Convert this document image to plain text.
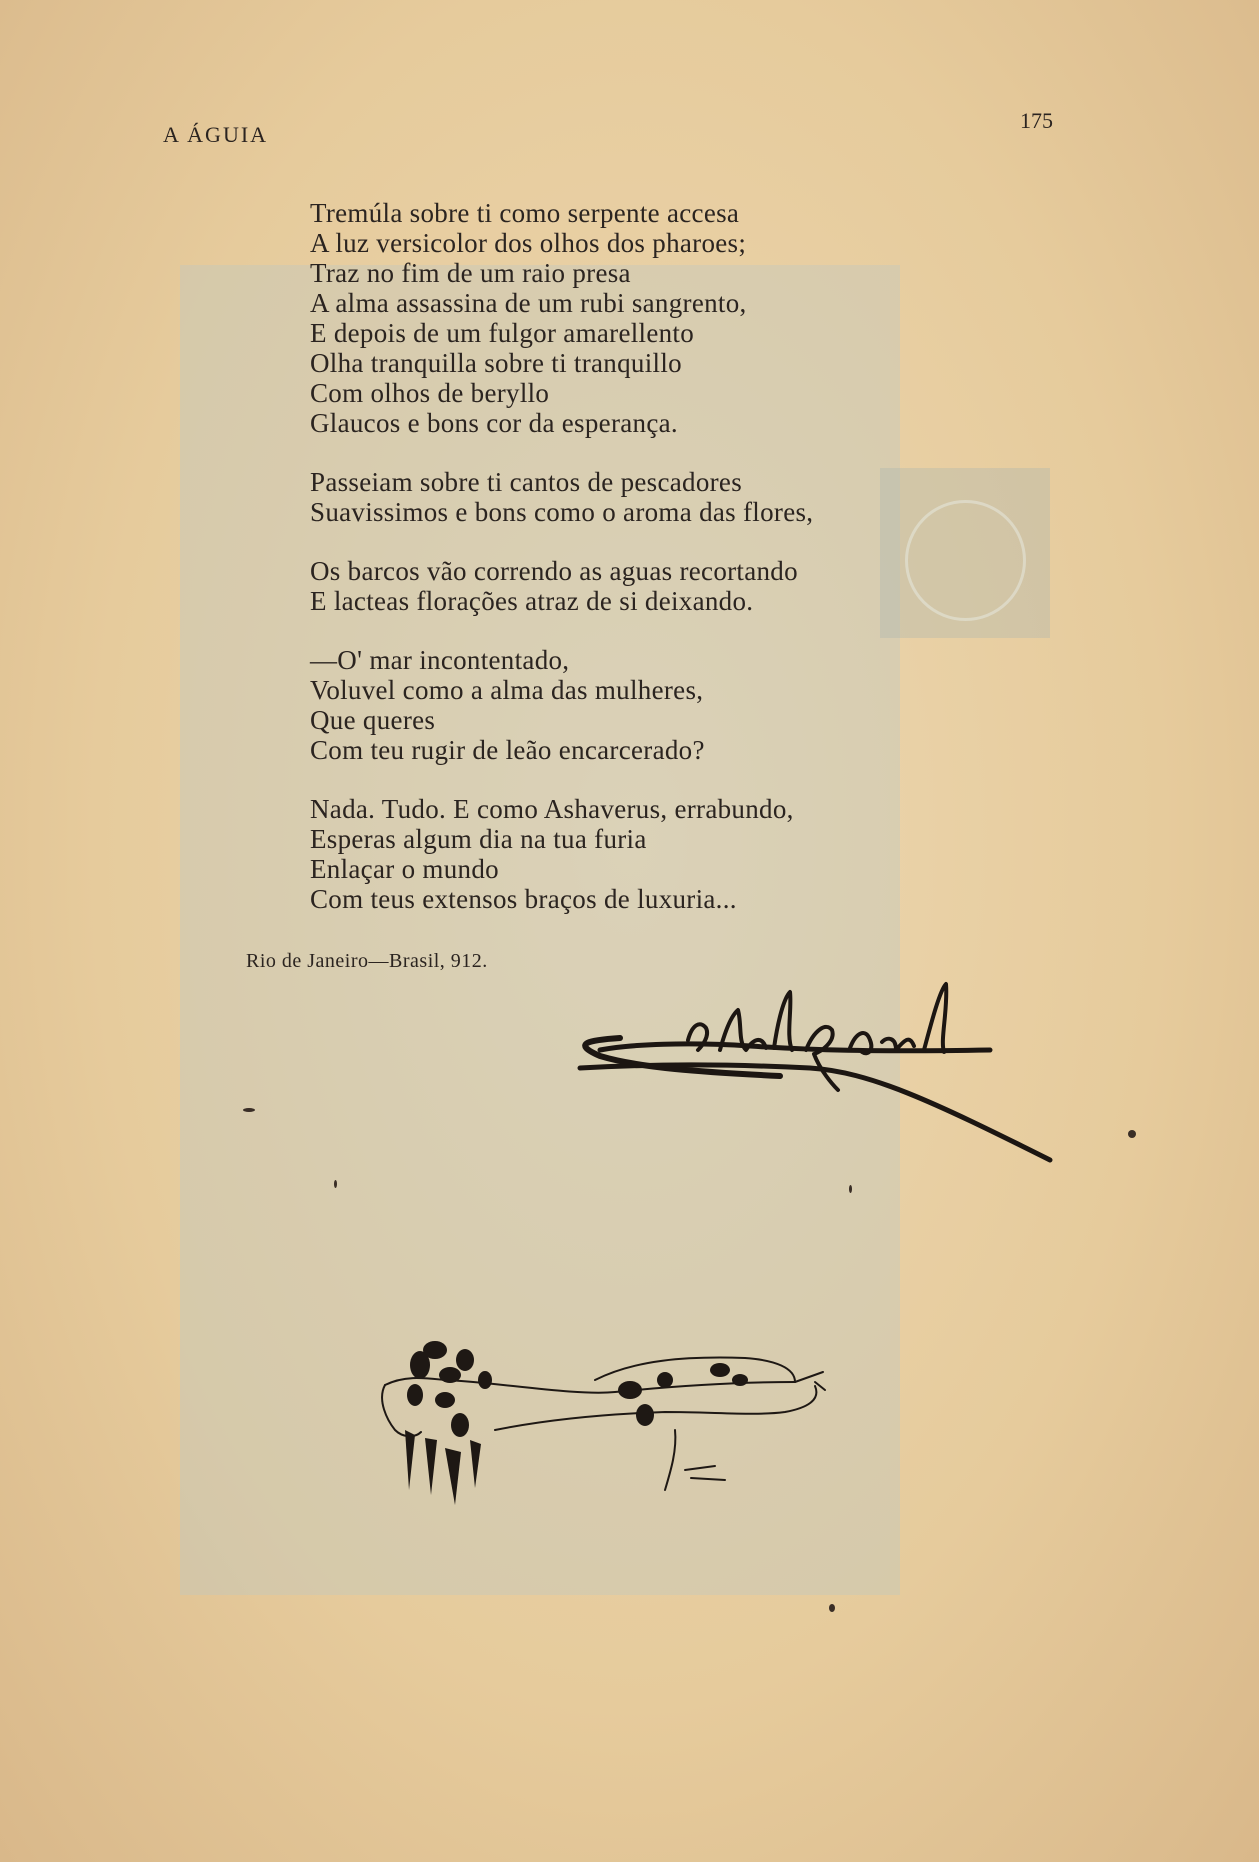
A ÁGUIA
175
Tremúla sobre ti como serpente accesa
A luz versicolor dos olhos dos pharoes;
Traz no fim de um raio presa
A alma assassina de um rubi sangrento,
E depois de um fulgor amarellento
Olha tranquilla sobre ti tranquillo
Com olhos de beryllo
Glaucos e bons cor da esperança.
Passeiam sobre ti cantos de pescadores
Suavissimos e bons como o aroma das flores,
Os barcos vão correndo as aguas recortando
E lacteas florações atraz de si deixando.
—O' mar incontentado,
Voluvel como a alma das mulheres,
Que queres
Com teu rugir de leão encarcerado?
Nada. Tudo. E como Ashaverus, errabundo,
Esperas algum dia na tua furia
Enlaçar o mundo
Com teus extensos braços de luxuria...
Rio de Janeiro—Brasil, 912.
